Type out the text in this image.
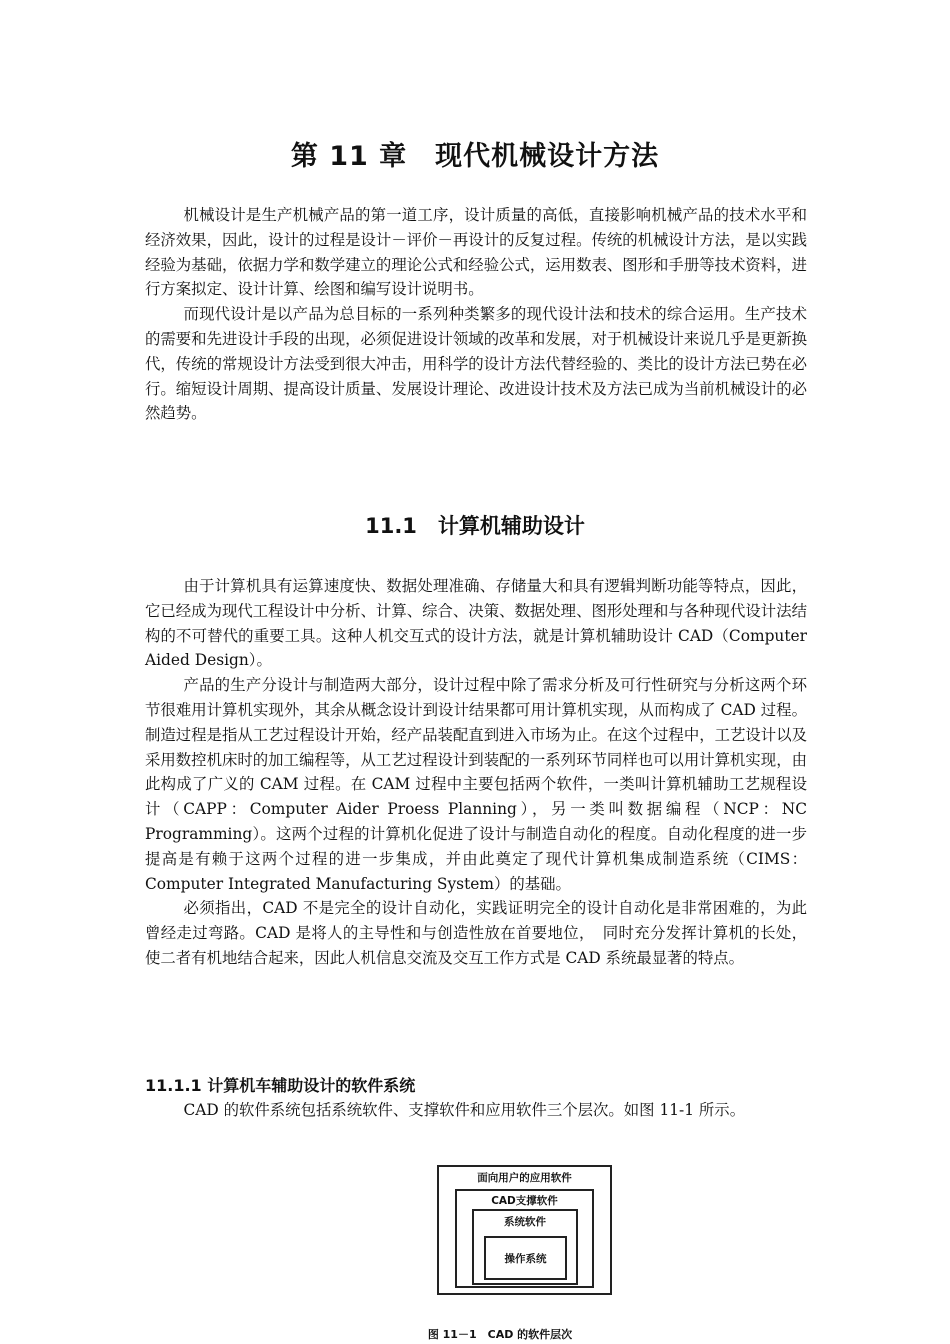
第 11 章　现代机械设计方法

机械设计是生产机械产品的第一道工序，设计质量的高低，直接影响机械产品的技术水平和经济效果，因此，设计的过程是设计－评价－再设计的反复过程。传统的机械设计方法，是以实践经验为基础，依据力学和数学建立的理论公式和经验公式，运用数表、图形和手册等技术资料，进行方案拟定、设计计算、绘图和编写设计说明书。

而现代设计是以产品为总目标的一系列种类繁多的现代设计法和技术的综合运用。生产技术的需要和先进设计手段的出现，必须促进设计领域的改革和发展，对于机械设计来说几乎是更新换代，传统的常规设计方法受到很大冲击，用科学的设计方法代替经验的、类比的设计方法已势在必行。缩短设计周期、提高设计质量、发展设计理论、改进设计技术及方法已成为当前机械设计的必然趋势。

11.1　计算机辅助设计

由于计算机具有运算速度快、数据处理准确、存储量大和具有逻辑判断功能等特点，因此，它已经成为现代工程设计中分析、计算、综合、决策、数据处理、图形处理和与各种现代设计法结构的不可替代的重要工具。这种人机交互式的设计方法，就是计算机辅助设计 CAD（Computer Aided Design）。

产品的生产分设计与制造两大部分，设计过程中除了需求分析及可行性研究与分析这两个环节很难用计算机实现外，其余从概念设计到设计结果都可用计算机实现，从而构成了 CAD 过程。制造过程是指从工艺过程设计开始，经产品装配直到进入市场为止。在这个过程中，工艺设计以及采用数控机床时的加工编程等，从工艺过程设计到装配的一系列环节同样也可以用计算机实现，由此构成了广义的 CAM 过程。在 CAM 过程中主要包括两个软件，一类叫计算机辅助工艺规程设计（CAPP：Computer Aider Proess Planning），另一类叫数据编程（NCP：NC　Programming）。这两个过程的计算机化促进了设计与制造自动化的程度。自动化程度的进一步提高是有赖于这两个过程的进一步集成，并由此奠定了现代计算机集成制造系统（CIMS：Computer Integrated Manufacturing System）的基础。

必须指出，CAD 不是完全的设计自动化，实践证明完全的设计自动化是非常困难的，为此曾经走过弯路。CAD 是将人的主导性和与创造性放在首要地位，　同时充分发挥计算机的长处，使二者有机地结合起来，因此人机信息交流及交互工作方式是 CAD 系统最显著的特点。

11.1.1 计算机车辅助设计的软件系统

CAD 的软件系统包括系统软件、支撑软件和应用软件三个层次。如图 11-1 所示。

面向用户的应用软件
CAD支撑软件
系统软件
操作系统

图 11－1　CAD 的软件层次
